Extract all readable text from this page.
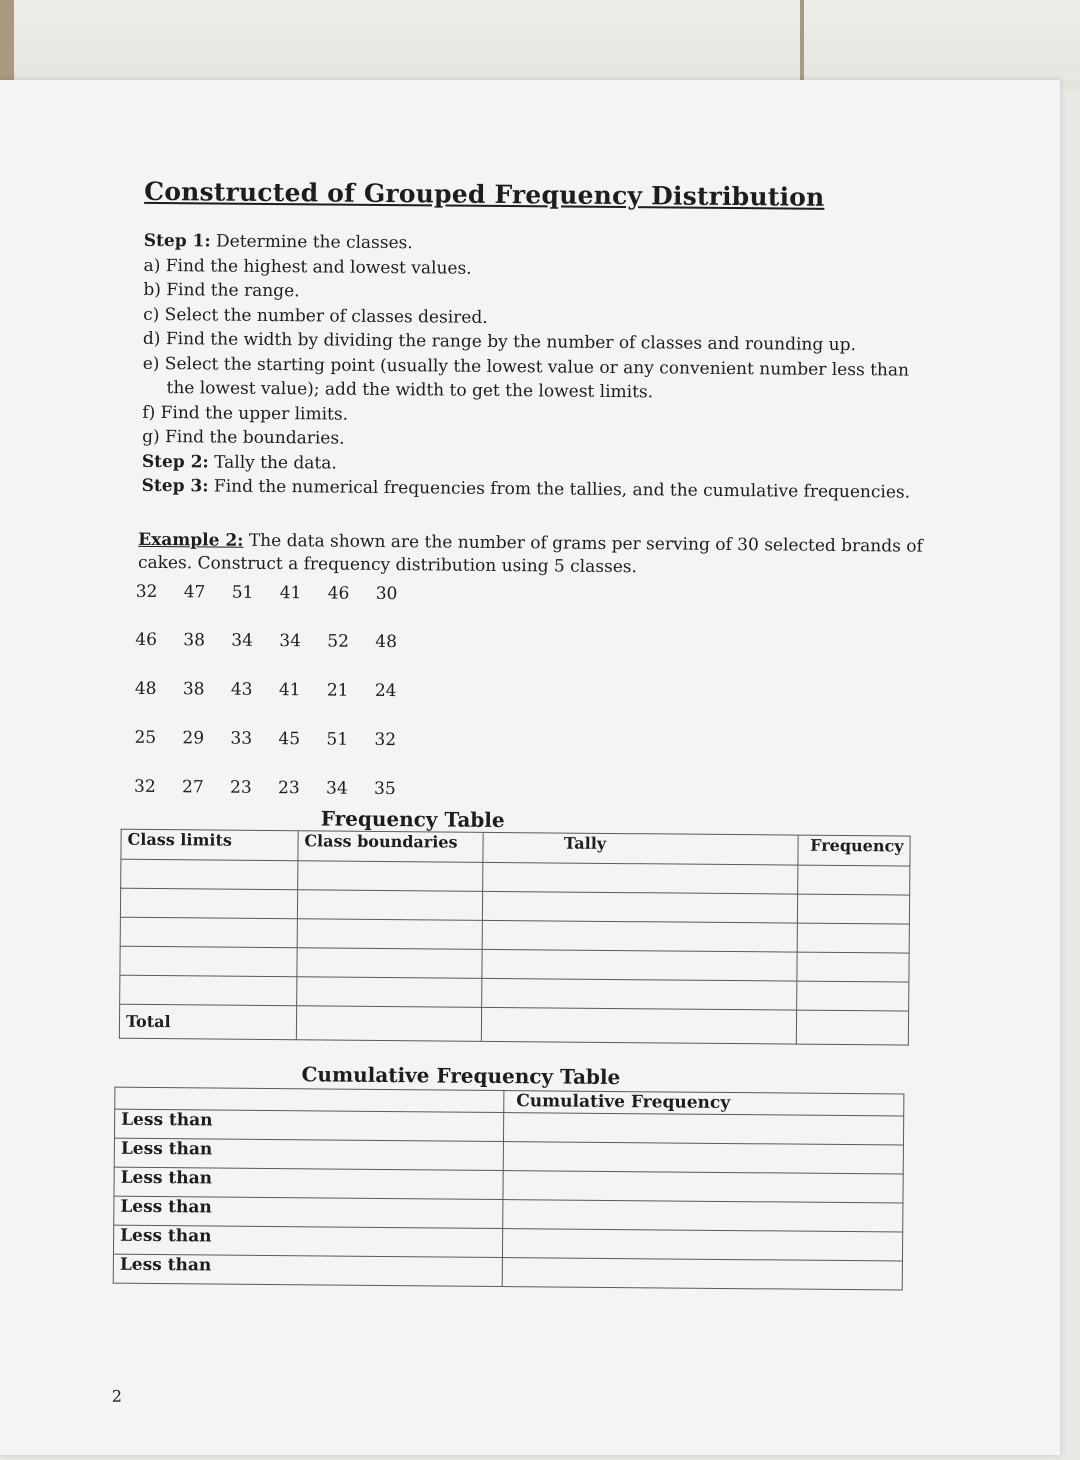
Constructed of Grouped Frequency Distribution
Step 1: Determine the classes.
a) Find the highest and lowest values.
b) Find the range.
c) Select the number of classes desired.
d) Find the width by dividing the range by the number of classes and rounding up.
e) Select the starting point (usually the lowest value or any convenient number less than
the lowest value); add the width to get the lowest limits.
f) Find the upper limits.
g) Find the boundaries.
Step 2: Tally the data.
Step 3: Find the numerical frequencies from the tallies, and the cumulative frequencies.
Example 2: The data shown are the number of grams per serving of 30 selected brands of
cakes. Construct a frequency distribution using 5 classes.
32 47 51 41 46 30
46 38 34 34 52 48
48 38 43 41 21 24
25 29 33 45 51 32
32 27 23 23 34 35
Frequency Table
Class limits	Class boundaries	Tally	Frequency

Total			
Cumulative Frequency Table
	Cumulative Frequency
Less than	
Less than	
Less than	
Less than	
Less than	
Less than	
2
